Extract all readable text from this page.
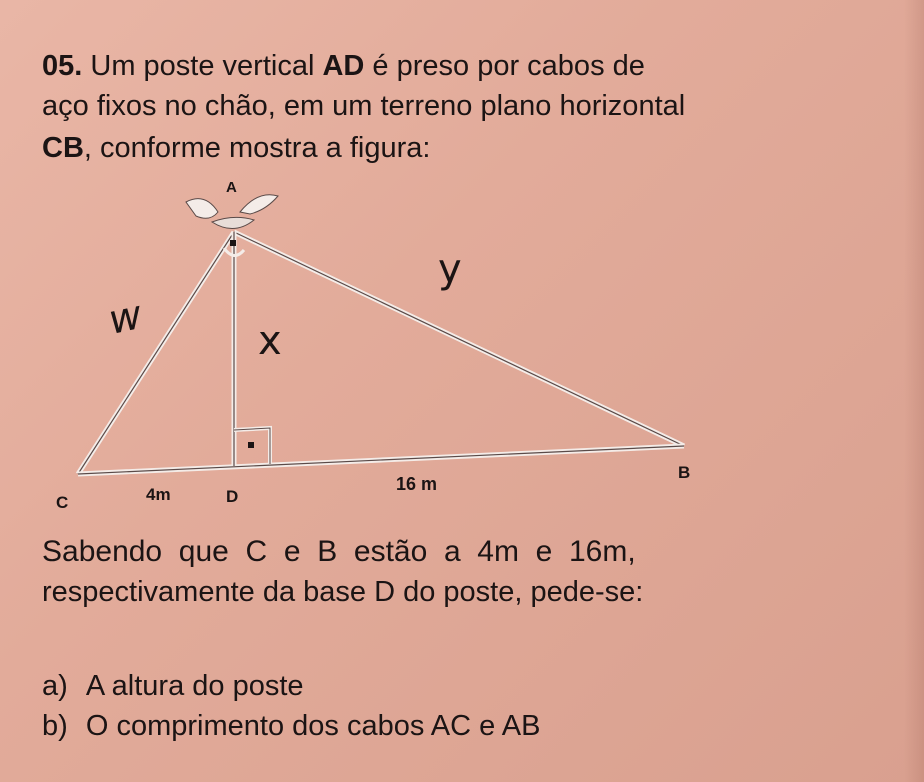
05. Um poste vertical AD é preso por cabos de
aço fixos no chão, em um terreno plano horizontal
CB, conforme mostra a figura:
A
C	D
B
4m
16 m
w	x
y
Sabendo  que  C  e  B  estão  a  4m  e  16m,
respectivamente da base D do poste, pede-se:
a) A altura do poste
b) O comprimento dos cabos AC e AB
